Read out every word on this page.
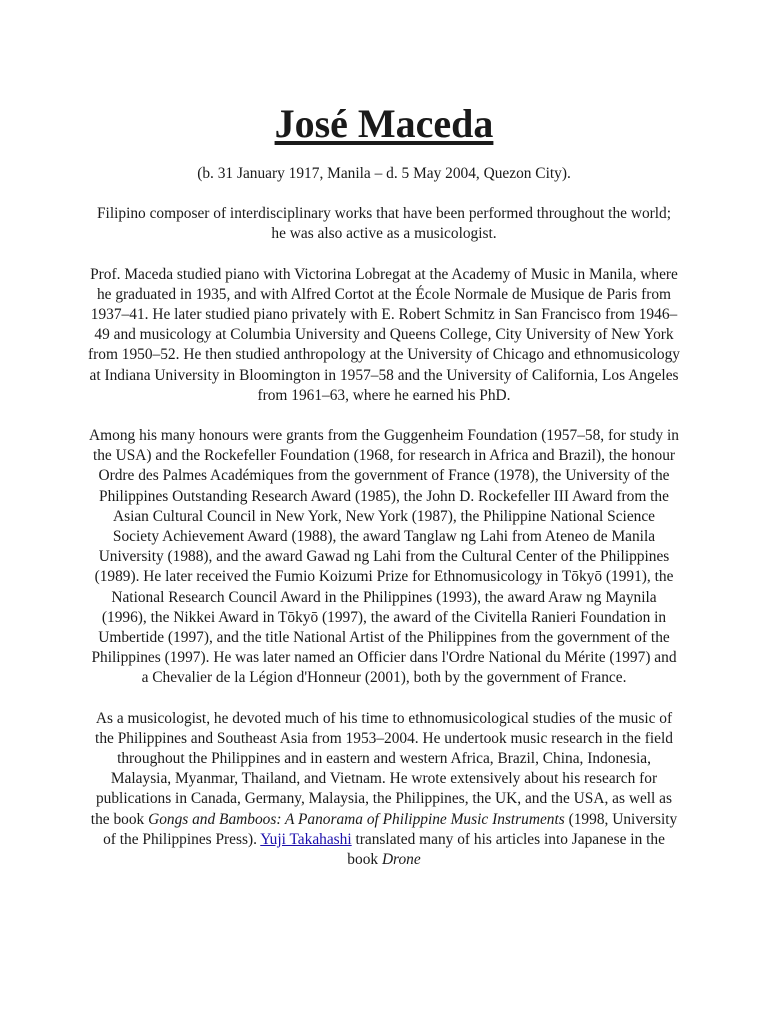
José Maceda

(b. 31 January 1917, Manila – d. 5 May 2004, Quezon City).

Filipino composer of interdisciplinary works that have been performed throughout the world; he was also active as a musicologist.

Prof. Maceda studied piano with Victorina Lobregat at the Academy of Music in Manila, where he graduated in 1935, and with Alfred Cortot at the École Normale de Musique de Paris from 1937–41. He later studied piano privately with E. Robert Schmitz in San Francisco from 1946–49 and musicology at Columbia University and Queens College, City University of New York from 1950–52. He then studied anthropology at the University of Chicago and ethnomusicology at Indiana University in Bloomington in 1957–58 and the University of California, Los Angeles from 1961–63, where he earned his PhD.

Among his many honours were grants from the Guggenheim Foundation (1957–58, for study in the USA) and the Rockefeller Foundation (1968, for research in Africa and Brazil), the honour Ordre des Palmes Académiques from the government of France (1978), the University of the Philippines Outstanding Research Award (1985), the John D. Rockefeller III Award from the Asian Cultural Council in New York, New York (1987), the Philippine National Science Society Achievement Award (1988), the award Tanglaw ng Lahi from Ateneo de Manila University (1988), and the award Gawad ng Lahi from the Cultural Center of the Philippines (1989). He later received the Fumio Koizumi Prize for Ethnomusicology in Tōkyō (1991), the National Research Council Award in the Philippines (1993), the award Araw ng Maynila (1996), the Nikkei Award in Tōkyō (1997), the award of the Civitella Ranieri Foundation in Umbertide (1997), and the title National Artist of the Philippines from the government of the Philippines (1997). He was later named an Officier dans l'Ordre National du Mérite (1997) and a Chevalier de la Légion d'Honneur (2001), both by the government of France.

As a musicologist, he devoted much of his time to ethnomusicological studies of the music of the Philippines and Southeast Asia from 1953–2004. He undertook music research in the field throughout the Philippines and in eastern and western Africa, Brazil, China, Indonesia, Malaysia, Myanmar, Thailand, and Vietnam. He wrote extensively about his research for publications in Canada, Germany, Malaysia, the Philippines, the UK, and the USA, as well as the book Gongs and Bamboos: A Panorama of Philippine Music Instruments (1998, University of the Philippines Press). Yuji Takahashi translated many of his articles into Japanese in the book Drone
